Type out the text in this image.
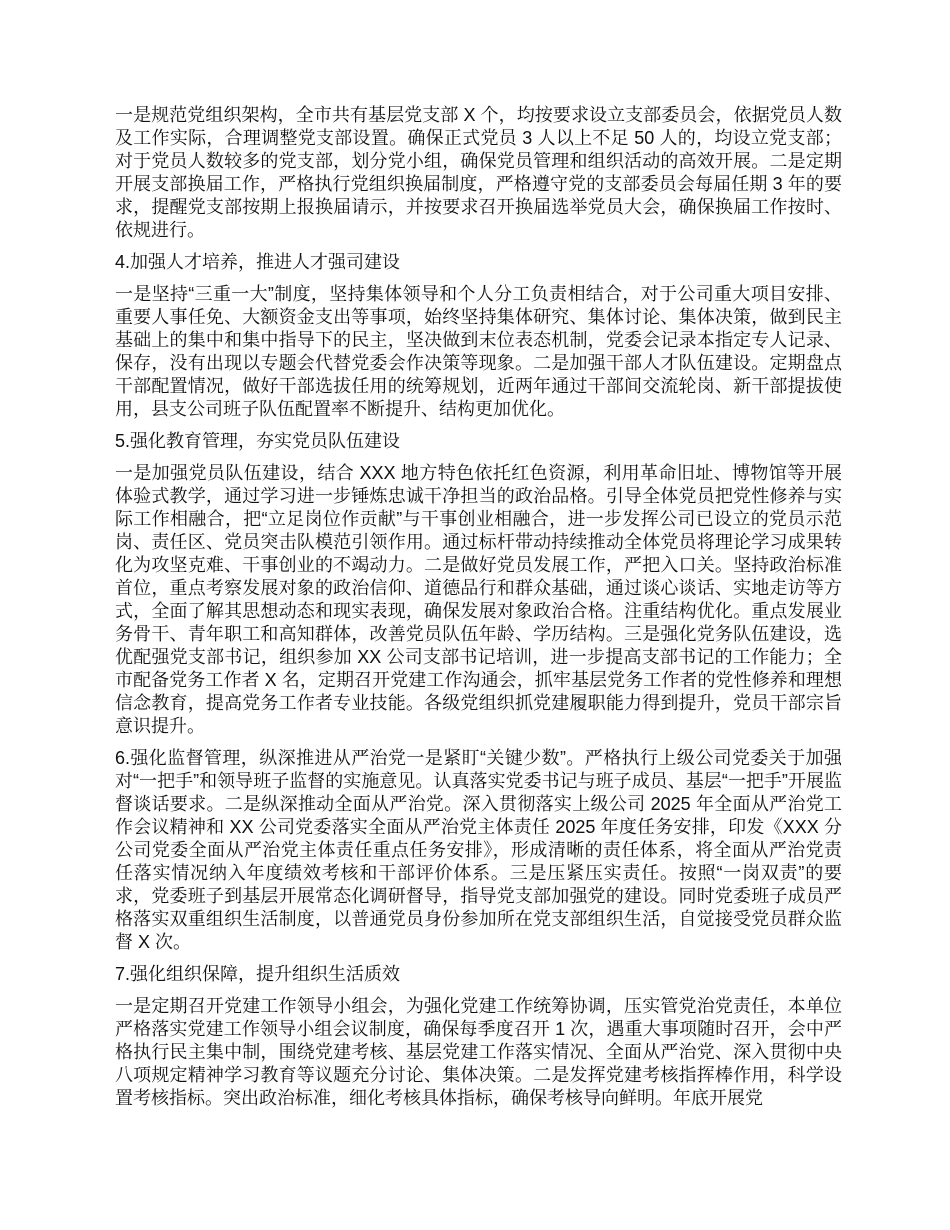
一是规范党组织架构，全市共有基层党支部 X 个，均按要求设立支部委员会，依据党员人数及工作实际，合理调整党支部设置。确保正式党员 3 人以上不足 50 人的，均设立党支部；对于党员人数较多的党支部，划分党小组，确保党员管理和组织活动的高效开展。二是定期开展支部换届工作，严格执行党组织换届制度，严格遵守党的支部委员会每届任期 3 年的要求，提醒党支部按期上报换届请示，并按要求召开换届选举党员大会，确保换届工作按时、依规进行。

4.加强人才培养，推进人才强司建设

一是坚持“三重一大”制度，坚持集体领导和个人分工负责相结合，对于公司重大项目安排、重要人事任免、大额资金支出等事项，始终坚持集体研究、集体讨论、集体决策，做到民主基础上的集中和集中指导下的民主，坚决做到末位表态机制，党委会记录本指定专人记录、保存，没有出现以专题会代替党委会作决策等现象。二是加强干部人才队伍建设。定期盘点干部配置情况，做好干部选拔任用的统筹规划，近两年通过干部间交流轮岗、新干部提拔使用，县支公司班子队伍配置率不断提升、结构更加优化。

5.强化教育管理，夯实党员队伍建设

一是加强党员队伍建设，结合 XXX 地方特色依托红色资源，利用革命旧址、博物馆等开展体验式教学，通过学习进一步锤炼忠诚干净担当的政治品格。引导全体党员把党性修养与实际工作相融合，把“立足岗位作贡献”与干事创业相融合，进一步发挥公司已设立的党员示范岗、责任区、党员突击队模范引领作用。通过标杆带动持续推动全体党员将理论学习成果转化为攻坚克难、干事创业的不竭动力。二是做好党员发展工作，严把入口关。坚持政治标准首位，重点考察发展对象的政治信仰、道德品行和群众基础，通过谈心谈话、实地走访等方式，全面了解其思想动态和现实表现，确保发展对象政治合格。注重结构优化。重点发展业务骨干、青年职工和高知群体，改善党员队伍年龄、学历结构。三是强化党务队伍建设，选优配强党支部书记，组织参加 XX 公司支部书记培训，进一步提高支部书记的工作能力；全市配备党务工作者 X 名，定期召开党建工作沟通会，抓牢基层党务工作者的党性修养和理想信念教育，提高党务工作者专业技能。各级党组织抓党建履职能力得到提升，党员干部宗旨意识提升。

6.强化监督管理，纵深推进从严治党一是紧盯“关键少数”。严格执行上级公司党委关于加强对“一把手”和领导班子监督的实施意见。认真落实党委书记与班子成员、基层“一把手”开展监督谈话要求。二是纵深推动全面从严治党。深入贯彻落实上级公司 2025 年全面从严治党工作会议精神和 XX 公司党委落实全面从严治党主体责任 2025 年度任务安排，印发《XXX 分公司党委全面从严治党主体责任重点任务安排》，形成清晰的责任体系，将全面从严治党责任落实情况纳入年度绩效考核和干部评价体系。三是压紧压实责任。按照“一岗双责”的要求，党委班子到基层开展常态化调研督导，指导党支部加强党的建设。同时党委班子成员严格落实双重组织生活制度，以普通党员身份参加所在党支部组织生活，自觉接受党员群众监督 X 次。

7.强化组织保障，提升组织生活质效

一是定期召开党建工作领导小组会，为强化党建工作统筹协调，压实管党治党责任，本单位严格落实党建工作领导小组会议制度，确保每季度召开 1 次，遇重大事项随时召开，会中严格执行民主集中制，围绕党建考核、基层党建工作落实情况、全面从严治党、深入贯彻中央八项规定精神学习教育等议题充分讨论、集体决策。二是发挥党建考核指挥棒作用，科学设置考核指标。突出政治标准，细化考核具体指标，确保考核导向鲜明。年底开展党
